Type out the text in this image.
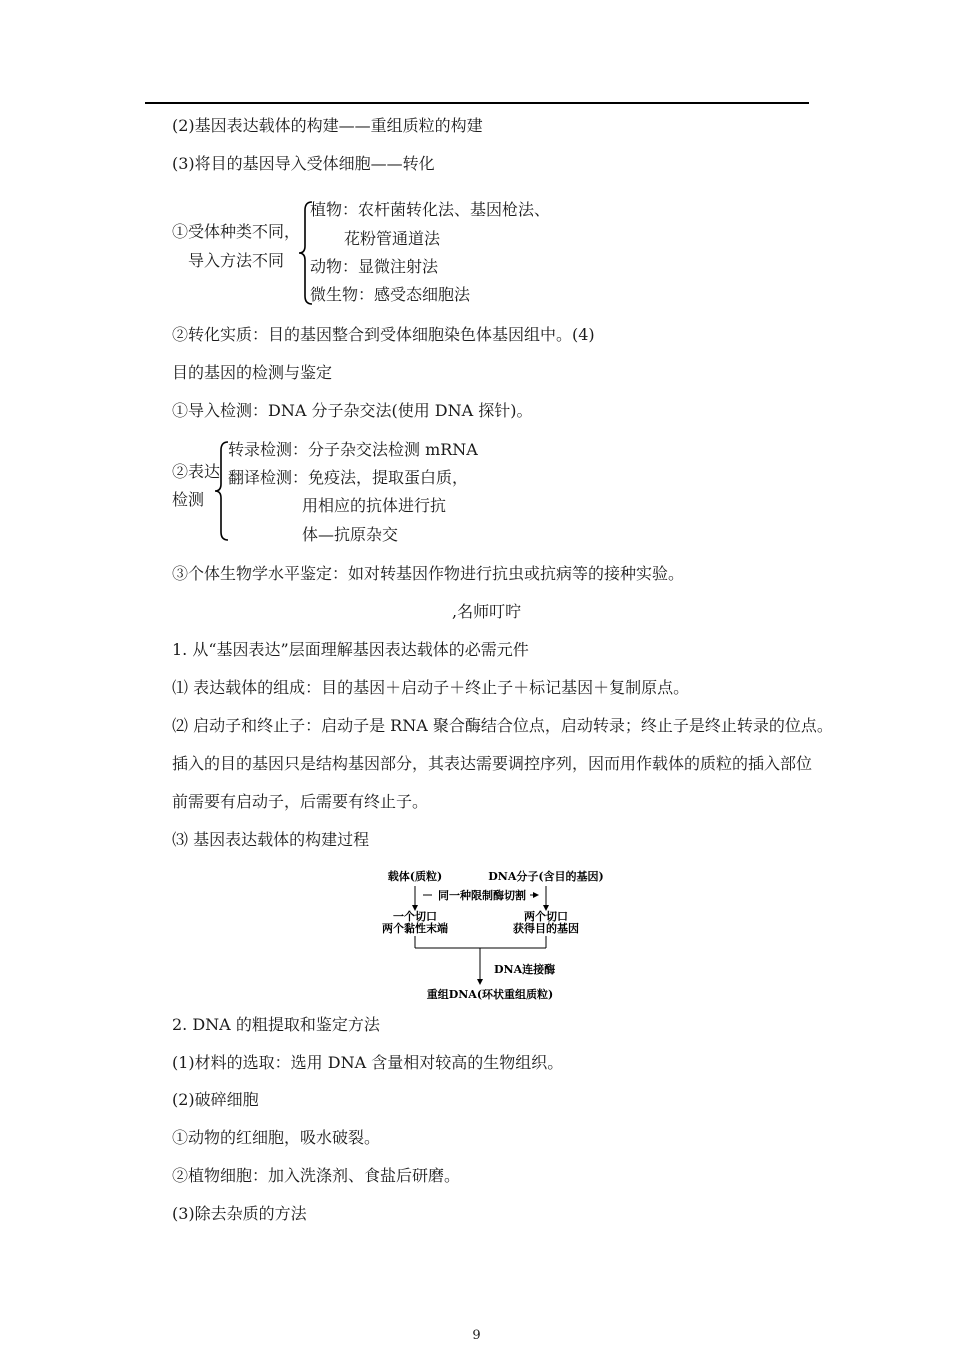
(2)基因表达载体的构建——重组质粒的构建
(3)将目的基因导入受体细胞——转化
①受体种类不同，
导入方法不同
植物：农杆菌转化法、基因枪法、
花粉管通道法
动物：显微注射法
微生物：感受态细胞法
②转化实质：目的基因整合到受体细胞染色体基因组中。(4)
目的基因的检测与鉴定
①导入检测：DNA 分子杂交法(使用 DNA 探针)。
②表达
检测
转录检测：分子杂交法检测 mRNA
翻译检测：免疫法，提取蛋白质，
用相应的抗体进行抗
体—抗原杂交
③个体生物学水平鉴定：如对转基因作物进行抗虫或抗病等的接种实验。
,名师叮咛
1. 从“基因表达”层面理解基因表达载体的必需元件
⑴ 表达载体的组成：目的基因＋启动子＋终止子＋标记基因＋复制原点。
⑵ 启动子和终止子：启动子是 RNA 聚合酶结合位点，启动转录；终止子是终止转录的位点。
插入的目的基因只是结构基因部分，其表达需要调控序列，因而用作载体的质粒的插入部位
前需要有启动子，后需要有终止子。
⑶ 基因表达载体的构建过程
载体(质粒)	DNA分子(含目的基因)
同一种限制酶切割
一个切口
两个黏性末端
两个切口
获得目的基因
DNA连接酶
重组DNA(环状重组质粒)
2. DNA 的粗提取和鉴定方法
(1)材料的选取：选用 DNA 含量相对较高的生物组织。
(2)破碎细胞
①动物的红细胞，吸水破裂。
②植物细胞：加入洗涤剂、食盐后研磨。
(3)除去杂质的方法
9
